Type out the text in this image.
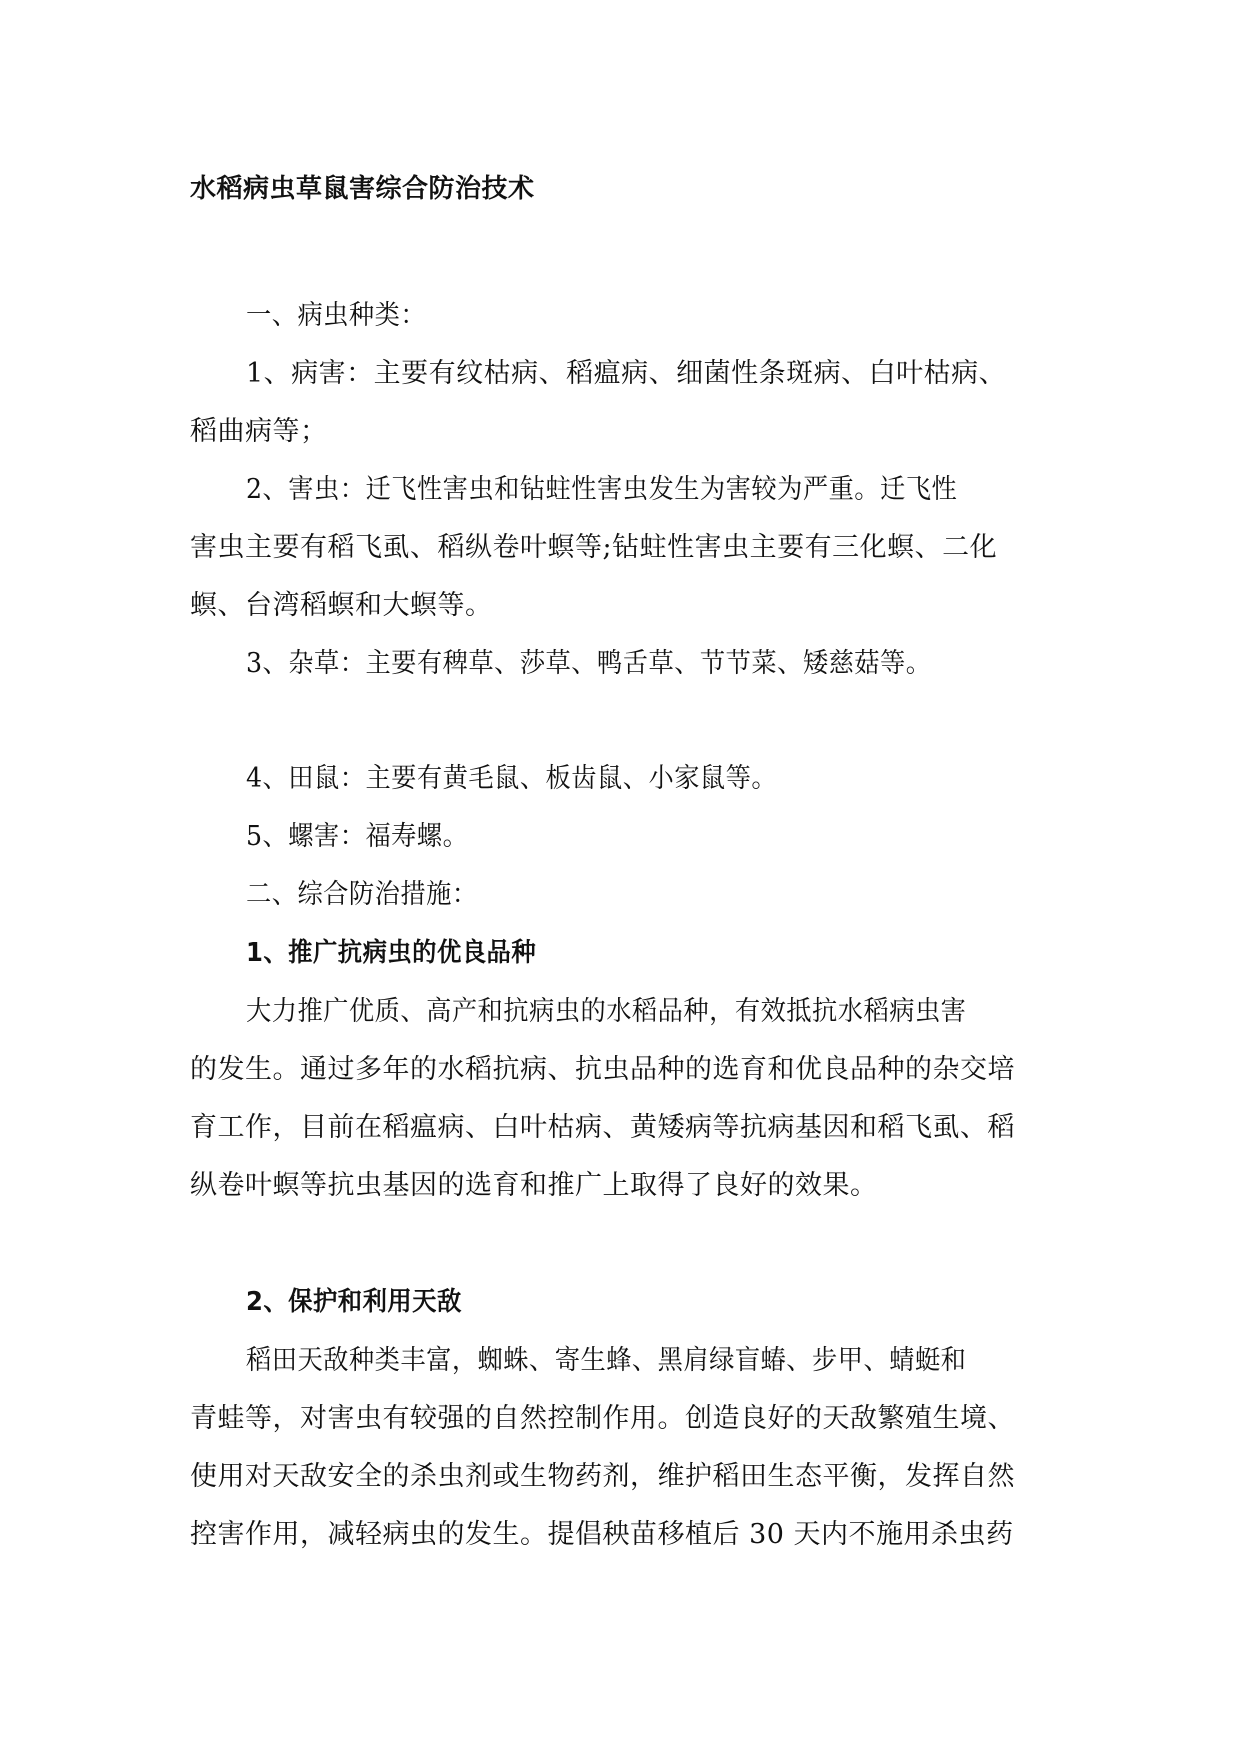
水稻病虫草鼠害综合防治技术
一、病虫种类：
1、病害：主要有纹枯病、稻瘟病、细菌性条斑病、白叶枯病、
稻曲病等；
2、害虫：迁飞性害虫和钻蛀性害虫发生为害较为严重。迁飞性
害虫主要有稻飞虱、稻纵卷叶螟等;钻蛀性害虫主要有三化螟、二化
螟、台湾稻螟和大螟等。
3、杂草：主要有稗草、莎草、鸭舌草、节节菜、矮慈菇等。
4、田鼠：主要有黄毛鼠、板齿鼠、小家鼠等。
5、螺害：福寿螺。
二、综合防治措施：
1、推广抗病虫的优良品种
大力推广优质、高产和抗病虫的水稻品种，有效抵抗水稻病虫害
的发生。通过多年的水稻抗病、抗虫品种的选育和优良品种的杂交培
育工作，目前在稻瘟病、白叶枯病、黄矮病等抗病基因和稻飞虱、稻
纵卷叶螟等抗虫基因的选育和推广上取得了良好的效果。
2、保护和利用天敌
稻田天敌种类丰富，蜘蛛、寄生蜂、黑肩绿盲蝽、步甲、蜻蜓和
青蛙等，对害虫有较强的自然控制作用。创造良好的天敌繁殖生境、
使用对天敌安全的杀虫剂或生物药剂，维护稻田生态平衡，发挥自然
控害作用，减轻病虫的发生。提倡秧苗移植后 30 天内不施用杀虫药
